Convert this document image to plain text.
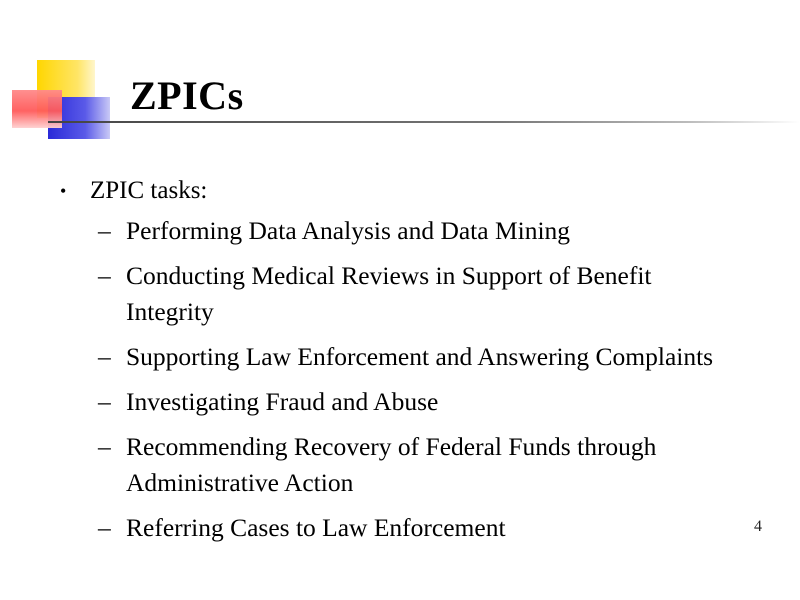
ZPICs
• ZPIC tasks:
– Performing Data Analysis and Data Mining
– Conducting Medical Reviews in Support of Benefit Integrity
– Supporting Law Enforcement and Answering Complaints
– Investigating Fraud and Abuse
– Recommending Recovery of Federal Funds through Administrative Action
– Referring Cases to Law Enforcement	4
